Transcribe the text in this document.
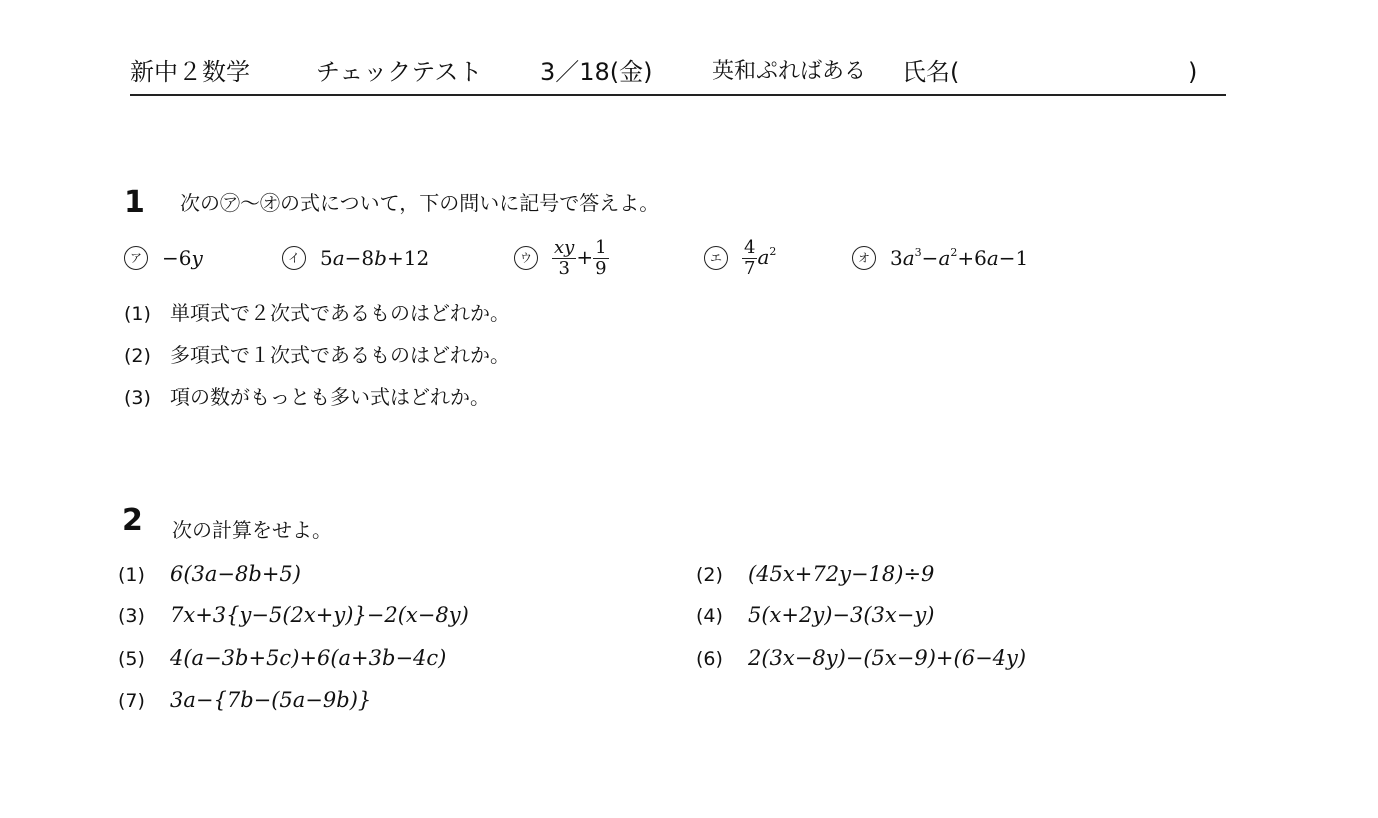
新中２数学	チェックテスト 3／18(金)	英和ぷればある 氏名(	)
1 次の㋐～㋔の式について，下の問いに記号で答えよ。
ア	−6y	イ	5a−8b+12	ウ	$\frac{xy}{3} + \frac{1}{9}$	エ	$\frac{4}{7} a^2$	オ	$3a^3-a^2+6a-1$
(1) 単項式で２次式であるものはどれか。
(2) 多項式で１次式であるものはどれか。
(3) 項の数がもっとも多い式はどれか。
2 次の計算をせよ。
(1) 6(3a−8b+5)	(2) (45x+72y−18)÷9
(3) 7x+3{y−5(2x+y)}−2(x−8y)	(4) 5(x+2y)−3(3x−y)
(5) 4(a−3b+5c)+6(a+3b−4c)	(6) 2(3x−8y)−(5x−9)+(6−4y)
(7) 3a−{7b−(5a−9b)}
